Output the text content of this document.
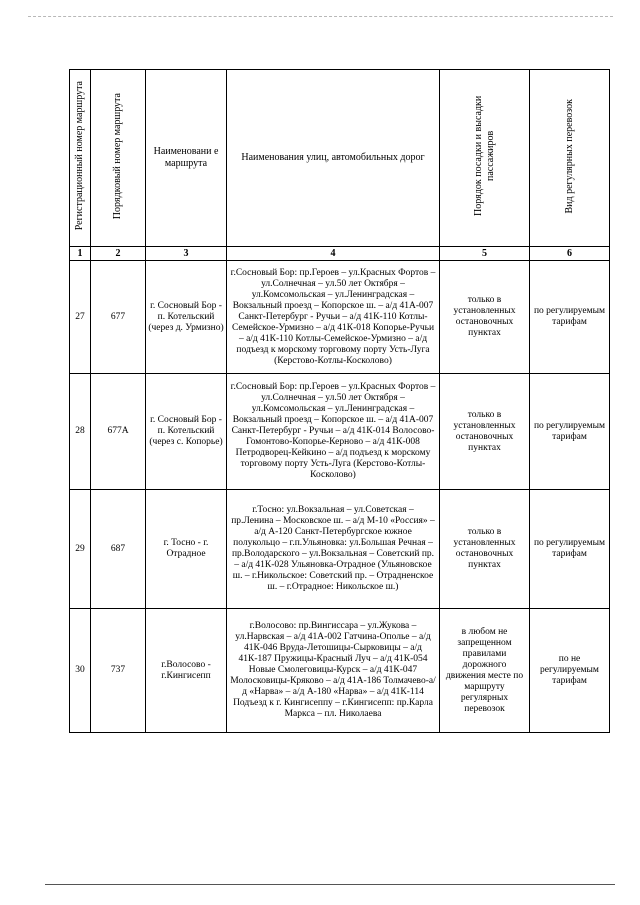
Регистрационный номер маршрута	Порядковый номер маршрута	Наименовани е маршрута	Наименования улиц, автомобильных дорог	Порядок посадки и высадки пассажиров	Вид регулярных перевозок
1	2	3	4	5	6
27	677	г. Сосновый Бор - п. Котельский (через д. Урмизно)	г.Сосновый Бор: пр.Героев – ул.Красных Фортов – ул.Солнечная – ул.50 лет Октября – ул.Комсомольская – ул.Ленинградская – Вокзальный проезд – Копорское ш. – а/д 41А-007 Санкт-Петербург - Ручьи – а/д 41К-110 Котлы-Семейское-Урмизно – а/д 41К-018 Копорье-Ручьи – а/д 41К-110 Котлы-Семейское-Урмизно – а/д подъезд к морскому торговому порту Усть-Луга (Керстово-Котлы-Косколово)	только в установленных остановочных пунктах	по регулируемым тарифам
28	677А	г. Сосновый Бор - п. Котельский (через с. Копорье)	г.Сосновый Бор: пр.Героев – ул.Красных Фортов – ул.Солнечная – ул.50 лет Октября – ул.Комсомольская – ул.Ленинградская – Вокзальный проезд – Копорское ш. – а/д 41А-007 Санкт-Петербург - Ручьи – а/д 41К-014 Волосово-Гомонтово-Копорье-Керново – а/д 41К-008 Петродворец-Кейкино – а/д подъезд к морскому торговому порту Усть-Луга (Керстово-Котлы-Косколово)	только в установленных остановочных пунктах	по регулируемым тарифам
29	687	г. Тосно - г. Отрадное	г.Тосно: ул.Вокзальная – ул.Советская – пр.Ленина – Московское ш. – а/д М-10 «Россия» – а/д А-120 Санкт-Петербургское южное полукольцо – г.п.Ульяновка: ул.Большая Речная – пр.Володарского – ул.Вокзальная – Советский пр. – а/д 41К-028 Ульяновка-Отрадное (Ульяновское ш. – г.Никольское: Советский пр. – Отрадненское ш. – г.Отрадное: Никольское ш.)	только в установленных остановочных пунктах	по регулируемым тарифам
30	737	г.Волосово - г.Кингисепп	г.Волосово: пр.Вингиссара – ул.Жукова – ул.Нарвская – а/д 41А-002 Гатчина-Ополье – а/д 41К-046 Вруда-Летошицы-Сырковицы – а/д 41К-187 Пружицы-Красный Луч – а/д 41К-054 Новые Смолеговицы-Курск – а/д 41К-047 Молосковицы-Кряково – а/д 41А-186 Толмачево-а/д «Нарва» – а/д А-180 «Нарва» – а/д 41К-114 Подъезд к г. Кингисеппу – г.Кингисепп: пр.Карла Маркса – пл. Николаева	в любом не запрещенном правилами дорожного движения месте по маршруту регулярных перевозок	по не регулируемым тарифам
